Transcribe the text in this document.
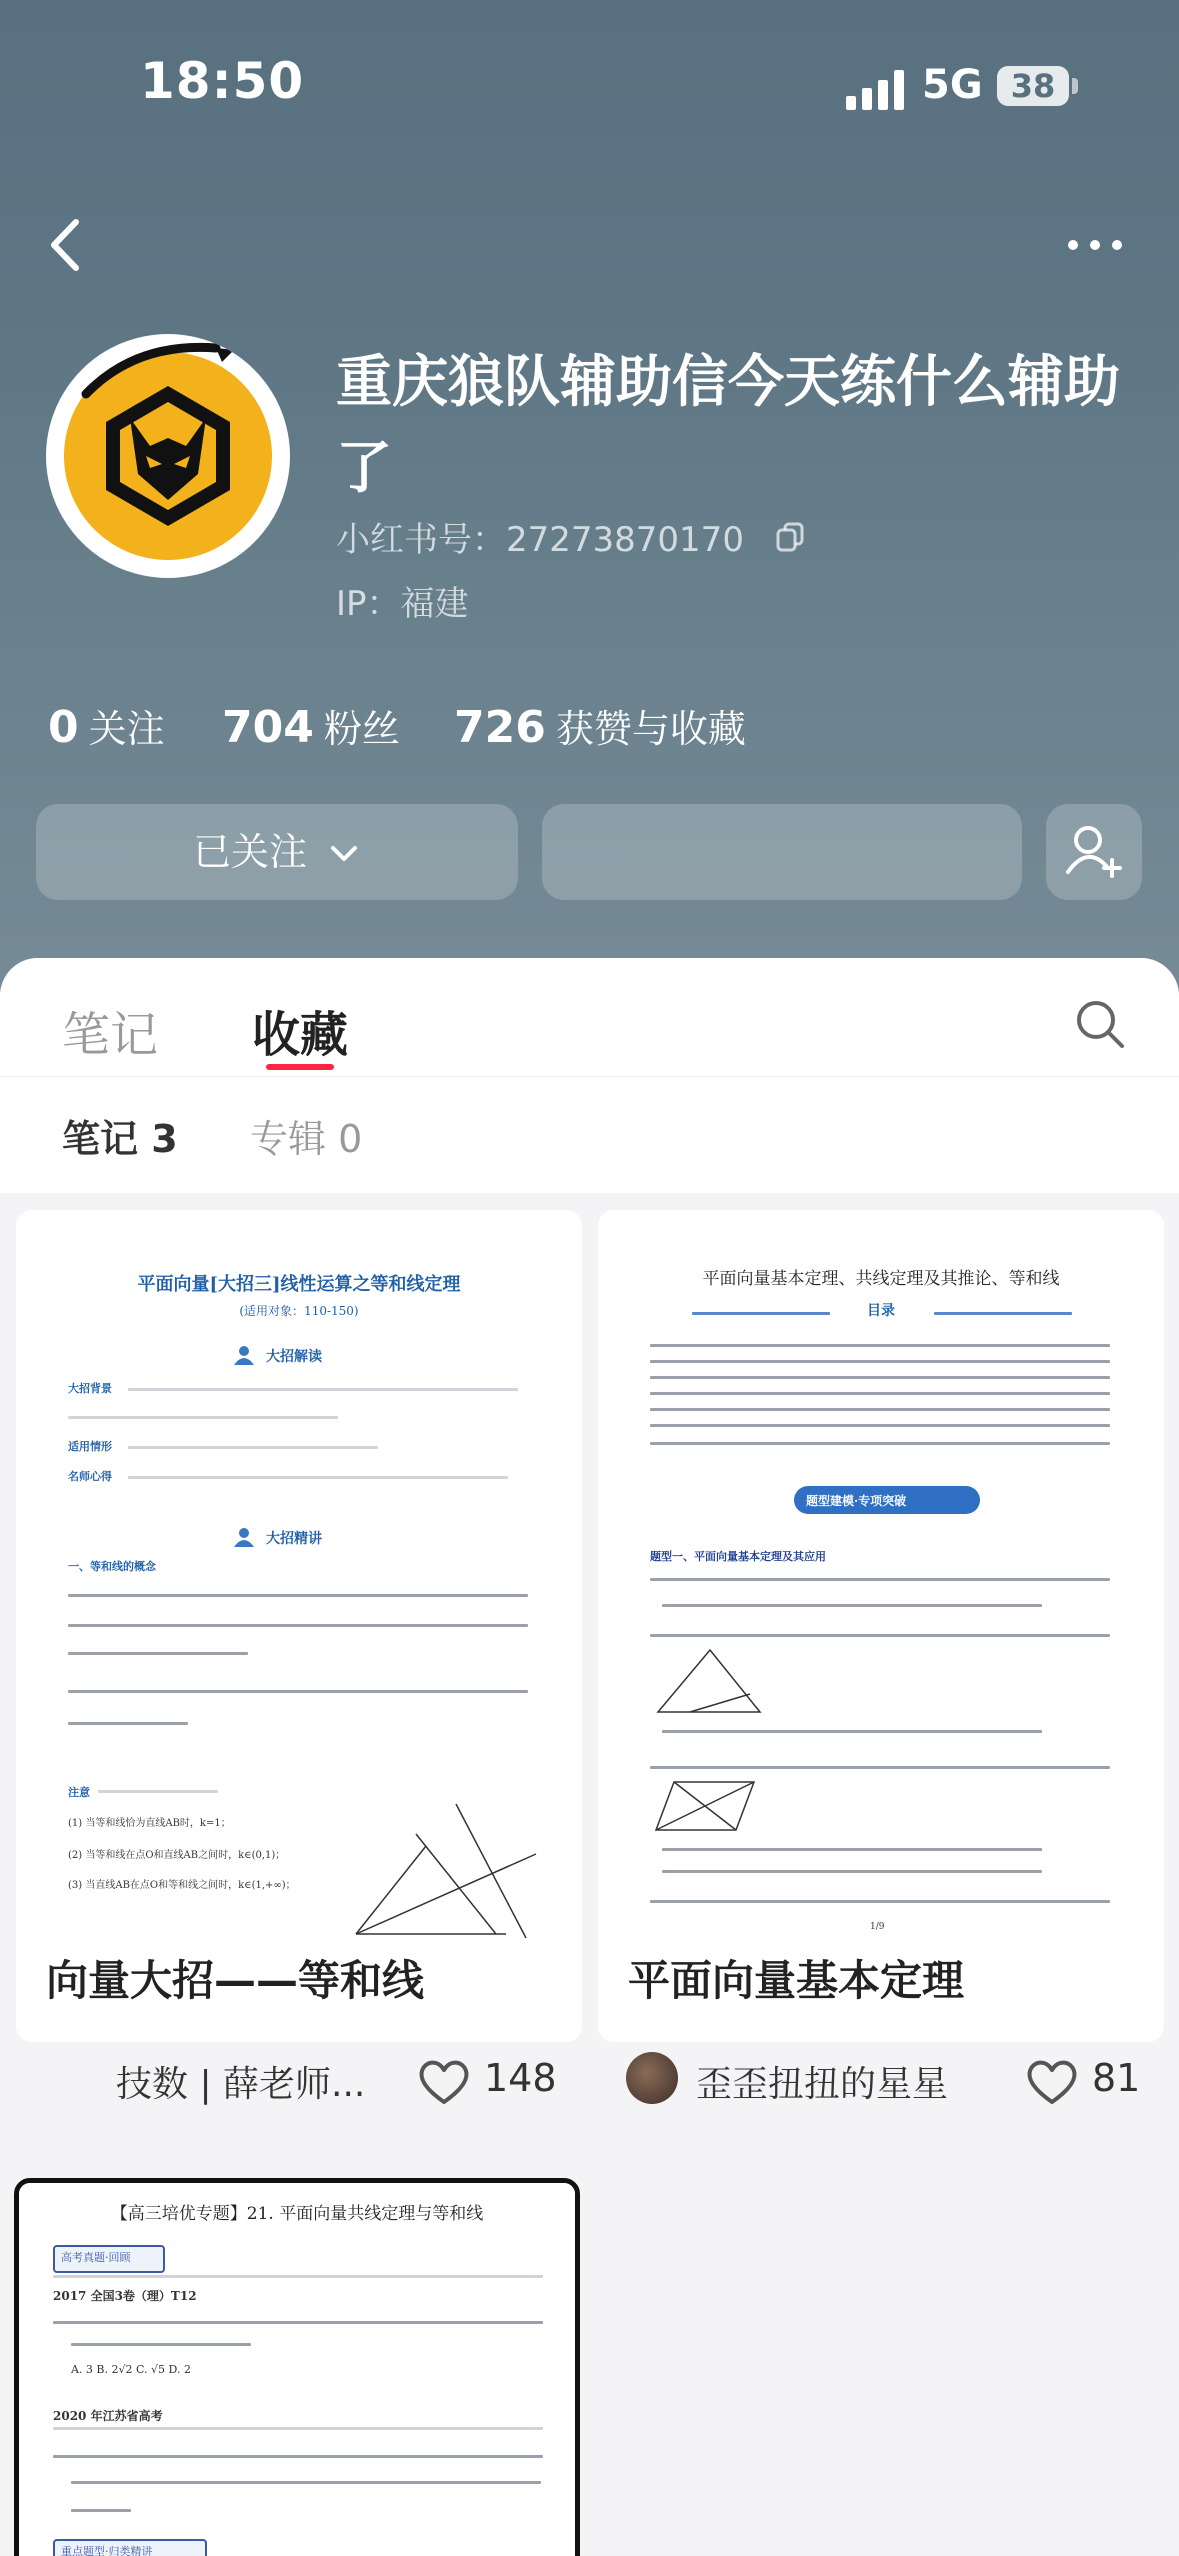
18:50	5G 38
重庆狼队辅助信今天练什么辅助了
小红书号：27273870170
IP：福建
0 关注 704 粉丝 726 获赞与收藏
已关注
笔记 收藏
笔记 3 专辑 0
平面向量[大招三]线性运算之等和线定理
(适用对象：110-150)
大招解读
大招背景
适用情形
名师心得
大招精讲
一、等和线的概念
注意
(1) 当等和线恰为直线AB时，k=1；
(2) 当等和线在点O和直线AB之间时，k∈(0,1)；
(3) 当直线AB在点O和等和线之间时，k∈(1,+∞)；
向量大招——等和线
技数 | 薛老师...	148
平面向量基本定理、共线定理及其推论、等和线
目录
题型建模·专项突破
题型一、平面向量基本定理及其应用
1/9
平面向量基本定理
歪歪扭扭的星星	81
【高三培优专题】21. 平面向量共线定理与等和线
高考真题·回顾
2017 全国3卷（理）T12
A. 3 B. 2√2 C. √5 D. 2
2020 年江苏省高考
重点题型·归类精讲
